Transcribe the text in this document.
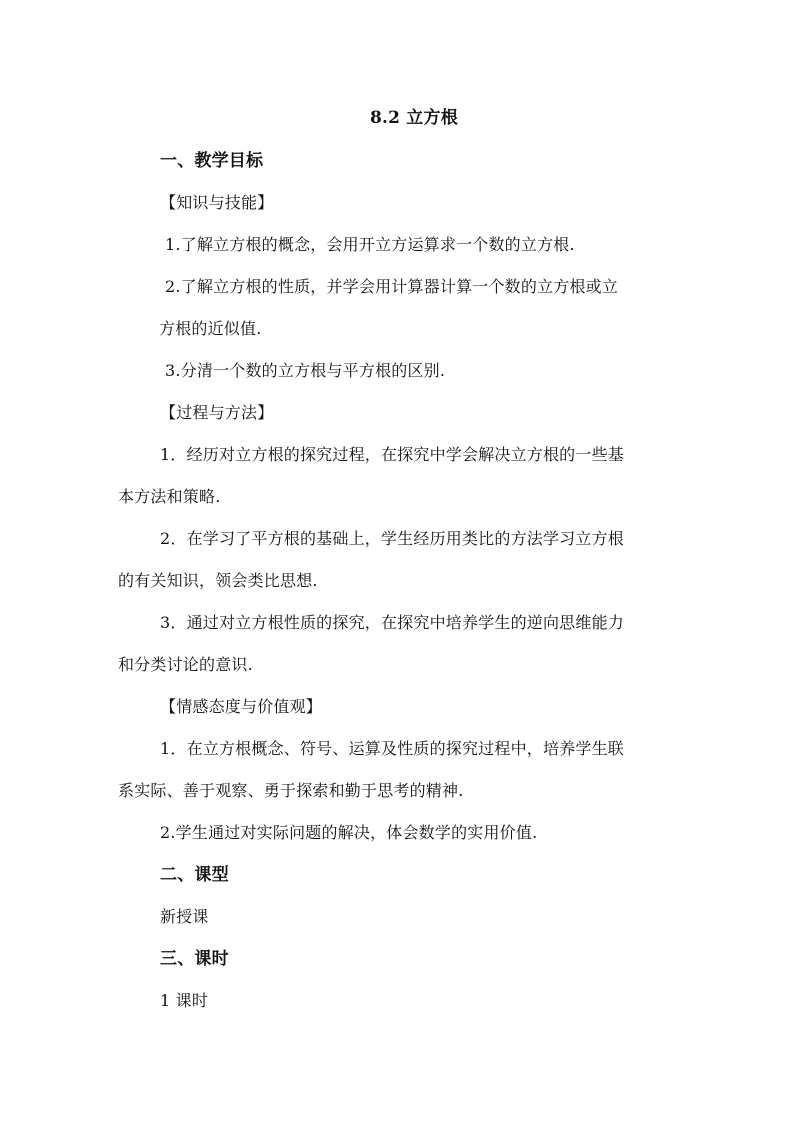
8.2 立方根
一、教学目标
【知识与技能】
1.了解立方根的概念，会用开立方运算求一个数的立方根.
2.了解立方根的性质，并学会用计算器计算一个数的立方根或立
方根的近似值.
3.分清一个数的立方根与平方根的区别.
【过程与方法】
1．经历对立方根的探究过程，在探究中学会解决立方根的一些基
本方法和策略.
2．在学习了平方根的基础上，学生经历用类比的方法学习立方根
的有关知识，领会类比思想.
3．通过对立方根性质的探究，在探究中培养学生的逆向思维能力
和分类讨论的意识.
【情感态度与价值观】
1．在立方根概念、符号、运算及性质的探究过程中，培养学生联
系实际、善于观察、勇于探索和勤于思考的精神.
2.学生通过对实际问题的解决，体会数学的实用价值.
二、课型
新授课
三、课时
1 课时
